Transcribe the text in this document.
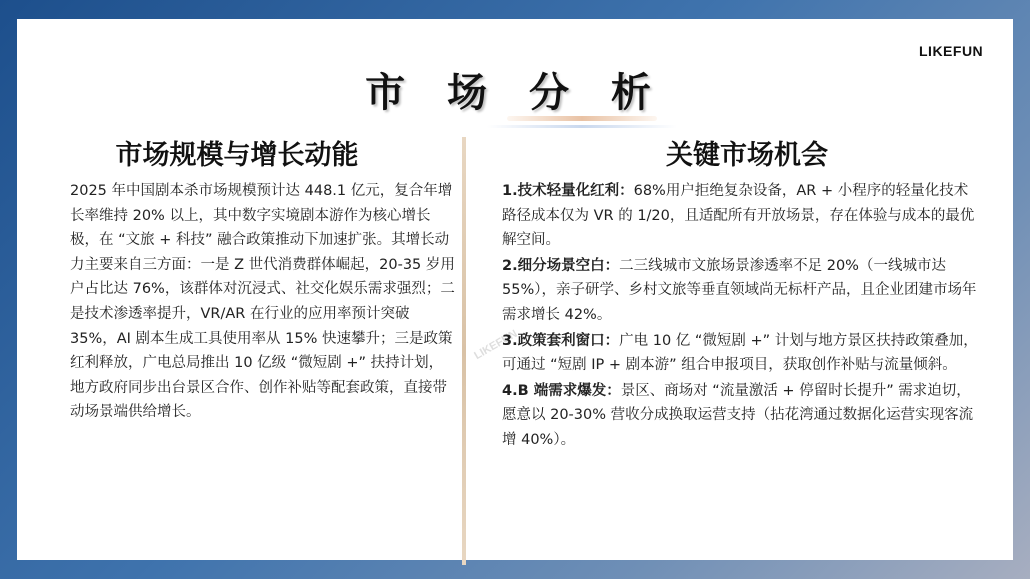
LIKEFUN
市 场 分 析
市场规模与增长动能
2025 年中国剧本杀市场规模预计达 448.1 亿元，复合年增长率维持 20% 以上，其中数字实境剧本游作为核心增长极，在 “文旅 + 科技” 融合政策推动下加速扩张。其增长动力主要来自三方面：一是 Z 世代消费群体崛起，20-35 岁用户占比达 76%，该群体对沉浸式、社交化娱乐需求强烈；二是技术渗透率提升，VR/AR 在行业的应用率预计突破 35%，AI 剧本生成工具使用率从 15% 快速攀升；三是政策红利释放，广电总局推出 10 亿级 “微短剧 +” 扶持计划，地方政府同步出台景区合作、创作补贴等配套政策，直接带动场景端供给增长。
LIKEFUN
关键市场机会

1.技术轻量化红利：68%用户拒绝复杂设备，AR + 小程序的轻量化技术路径成本仅为 VR 的 1/20，且适配所有开放场景，存在体验与成本的最优解空间。

2.细分场景空白：二三线城市文旅场景渗透率不足 20%（一线城市达 55%），亲子研学、乡村文旅等垂直领域尚无标杆产品，且企业团建市场年需求增长 42%。

3.政策套利窗口：广电 10 亿 “微短剧 +” 计划与地方景区扶持政策叠加，可通过 “短剧 IP + 剧本游” 组合申报项目，获取创作补贴与流量倾斜。

4.B 端需求爆发：景区、商场对 “流量激活 + 停留时长提升” 需求迫切，愿意以 20-30% 营收分成换取运营支持（拈花湾通过数据化运营实现客流增 40%）。
